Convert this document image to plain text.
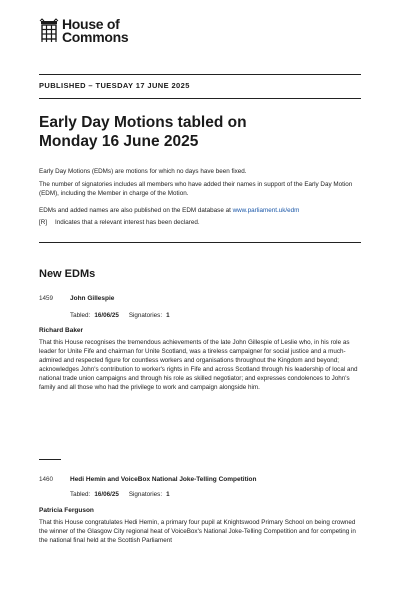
House of
Commons
PUBLISHED – TUESDAY 17 JUNE 2025
Early Day Motions tabled on
Monday 16 June 2025
Early Day Motions (EDMs) are motions for which no days have been fixed.
The number of signatories includes all members who have added their names in support of the Early Day Motion (EDM), including the Member in charge of the Motion.
EDMs and added names are also published on the EDM database at www.parliament.uk/edm
[R] Indicates that a relevant interest has been declared.
New EDMs
1459	John Gillespie
Tabled: 16/06/25 Signatories: 1
Richard Baker
That this House recognises the tremendous achievements of the late John Gillespie of Leslie who, in his role as leader for Unite Fife and chairman for Unite Scotland, was a tireless campaigner for social justice and a much-admired and respected figure for countless workers and organisations throughout the Kingdom and beyond; acknowledges John's contribution to worker's rights in Fife and across Scotland through his leadership of local and national trade union campaigns and through his role as skilled negotiator; and expresses condolences to John's family and all those who had the privilege to work and campaign alongside him.
1460	Hedi Hemin and VoiceBox National Joke-Telling Competition
Tabled: 16/06/25 Signatories: 1
Patricia Ferguson
That this House congratulates Hedi Hemin, a primary four pupil at Knightswood Primary School on being crowned the winner of the Glasgow City regional heat of VoiceBox's National Joke-Telling Competition and for competing in the national final held at the Scottish Parliament
